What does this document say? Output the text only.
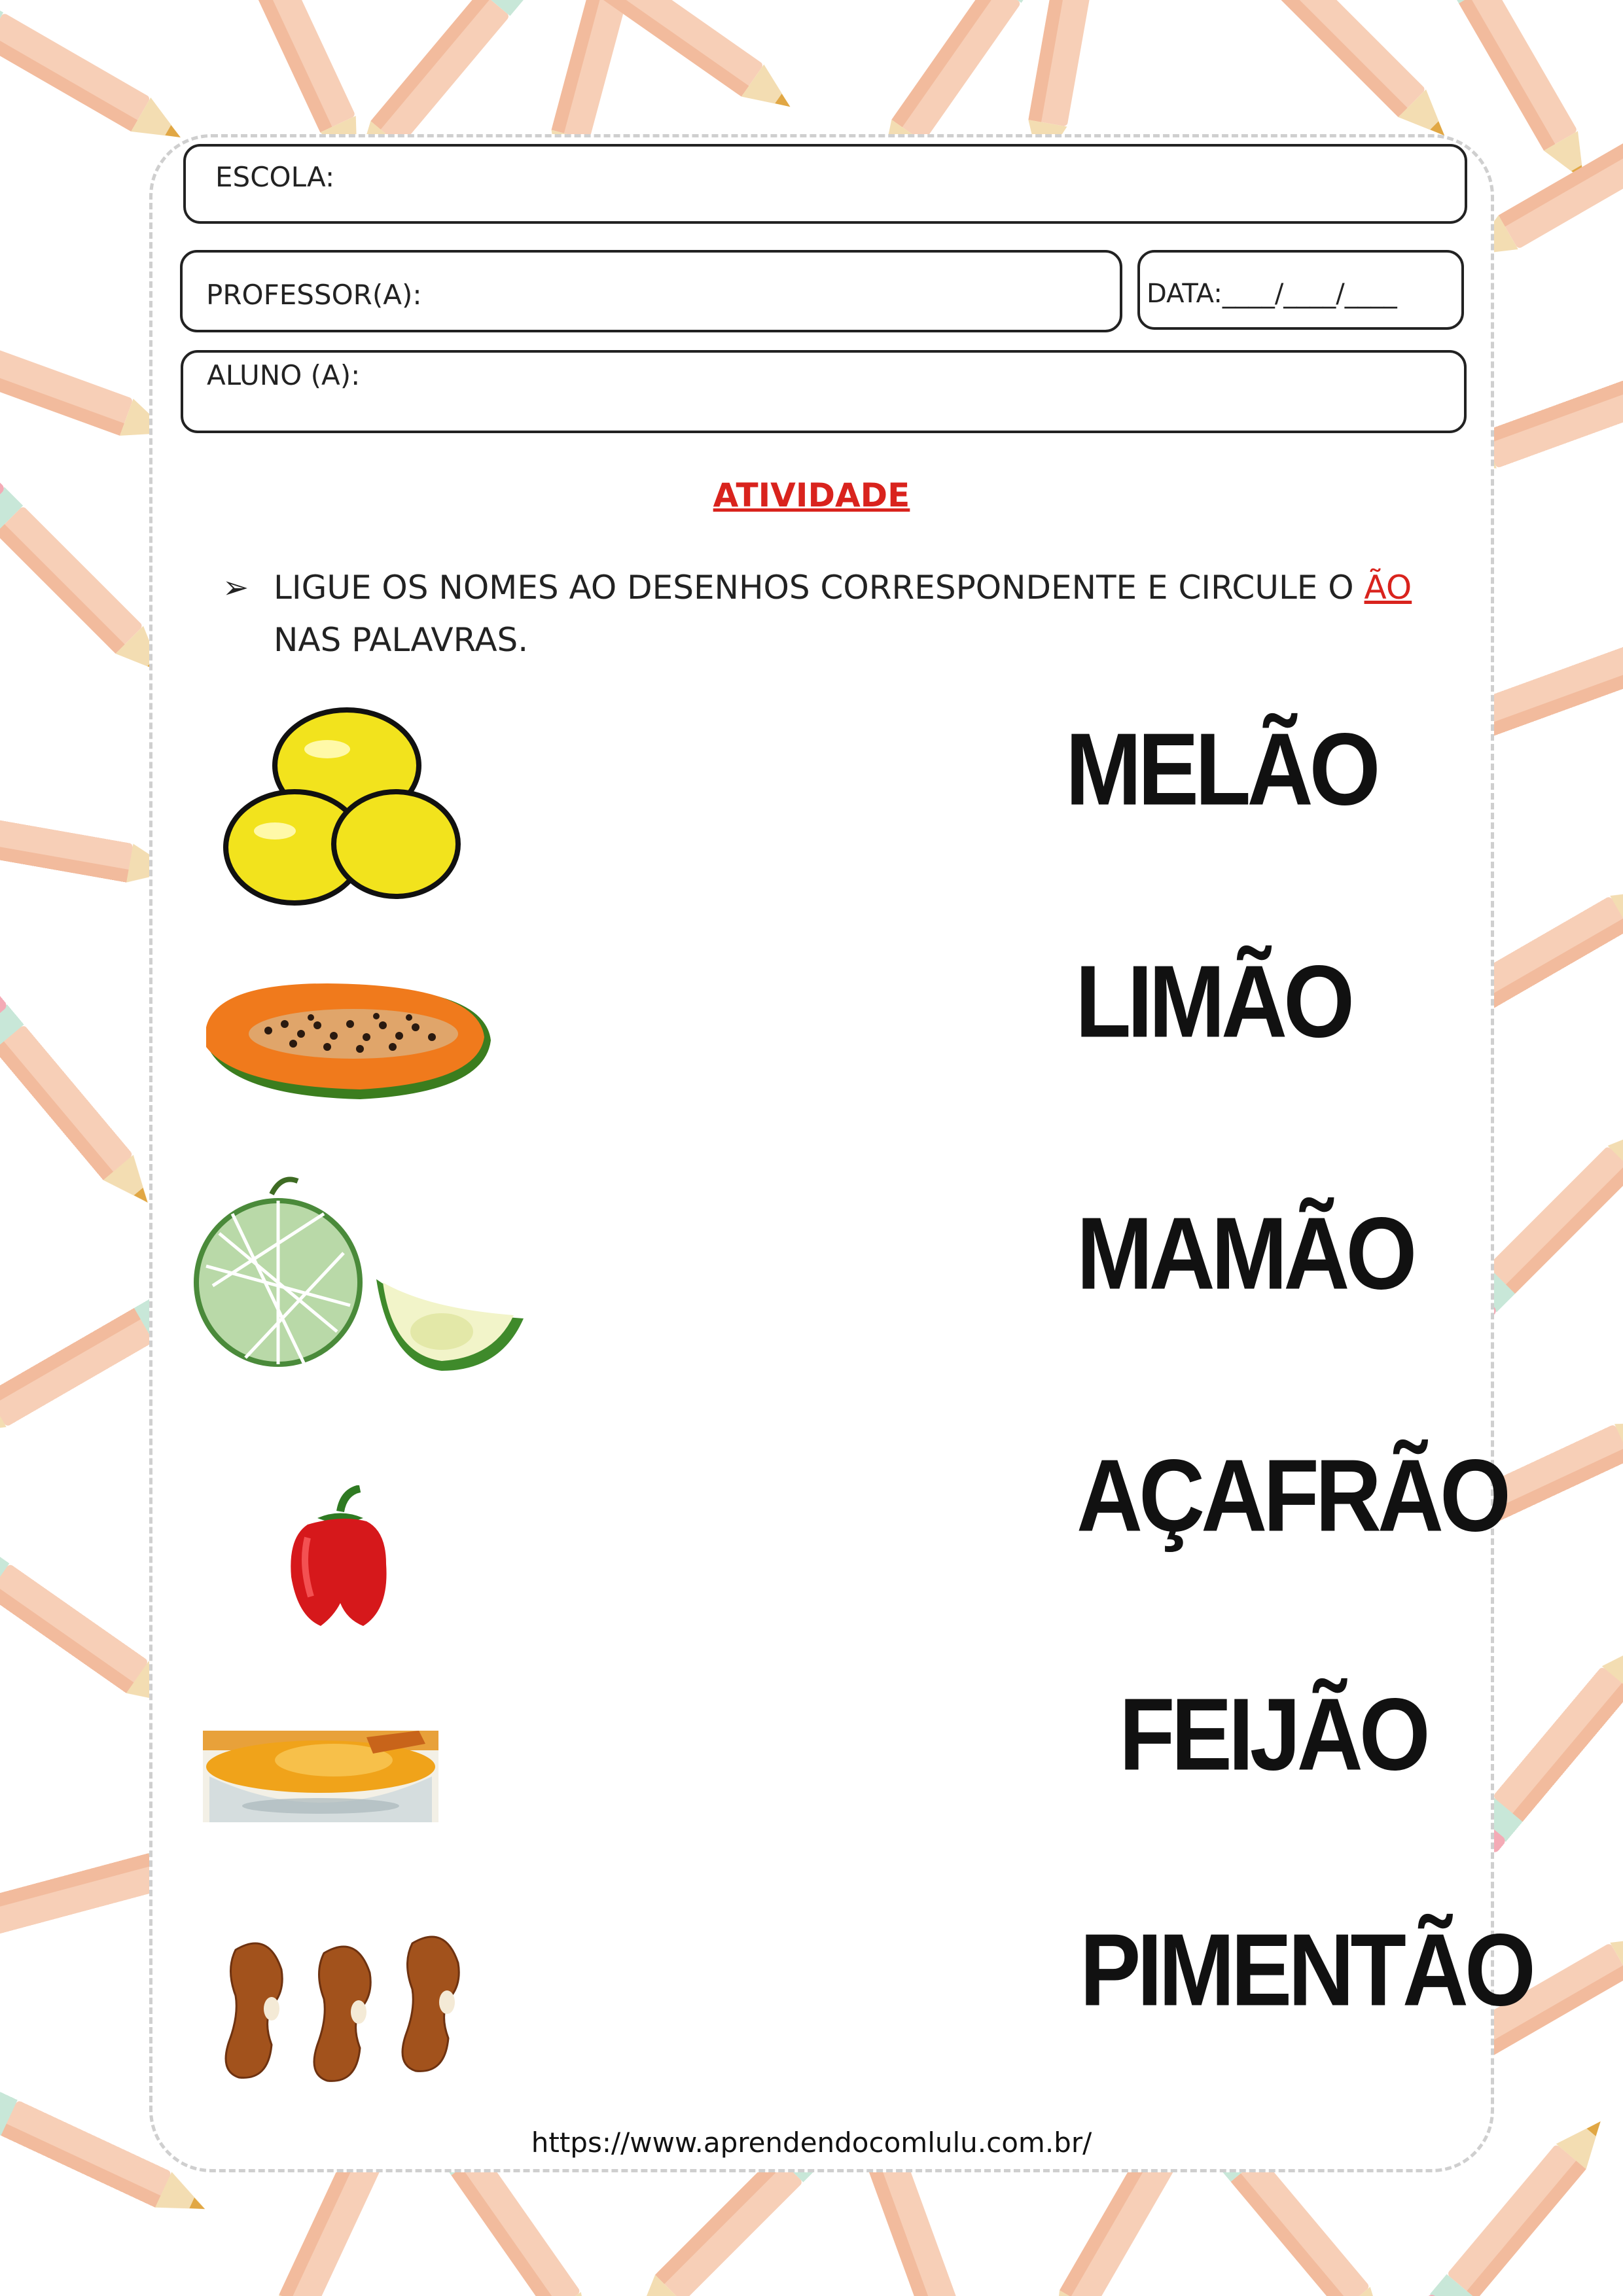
ESCOLA:
PROFESSOR(A):	DATA:____/____/____
ALUNO (A):
ATIVIDADE
➢ LIGUE OS NOMES AO DESENHOS CORRESPONDENTE E CIRCULE O ÃO NAS PALAVRAS.
MELÃO
LIMÃO
MAMÃO
AÇAFRÃO
FEIJÃO
PIMENTÃO
https://www.aprendendocomlulu.com.br/
